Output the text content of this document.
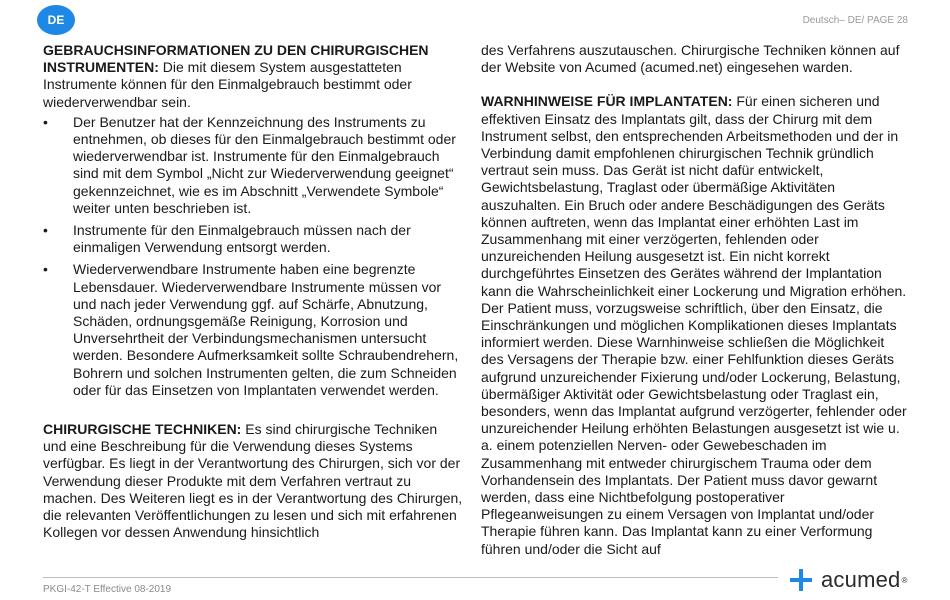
DE	Deutsch– DE/ PAGE 28

GEBRAUCHSINFORMATIONEN ZU DEN CHIRURGISCHEN INSTRUMENTEN: Die mit diesem System ausgestatteten Instrumente können für den Einmalgebrauch bestimmt oder wiederverwendbar sein.

• Der Benutzer hat der Kennzeichnung des Instruments zu entnehmen, ob dieses für den Einmalgebrauch bestimmt oder wiederverwendbar ist. Instrumente für den Einmalgebrauch sind mit dem Symbol „Nicht zur Wiederverwendung geeignet“ gekennzeichnet, wie es im Abschnitt „Verwendete Symbole“ weiter unten beschrieben ist.
• Instrumente für den Einmalgebrauch müssen nach der einmaligen Verwendung entsorgt werden.
• Wiederverwendbare Instrumente haben eine begrenzte Lebensdauer. Wiederverwendbare Instrumente müssen vor und nach jeder Verwendung ggf. auf Schärfe, Abnutzung, Schäden, ordnungsgemäße Reinigung, Korrosion und Unversehrtheit der Verbindungsmechanismen untersucht werden. Besondere Aufmerksamkeit sollte Schraubendrehern, Bohrern und solchen Instrumenten gelten, die zum Schneiden oder für das Einsetzen von Implantaten verwendet werden.

CHIRURGISCHE TECHNIKEN: Es sind chirurgische Techniken und eine Beschreibung für die Verwendung dieses Systems verfügbar. Es liegt in der Verantwortung des Chirurgen, sich vor der Verwendung dieser Produkte mit dem Verfahren vertraut zu machen. Des Weiteren liegt es in der Verantwortung des Chirurgen, die relevanten Veröffentlichungen zu lesen und sich mit erfahrenen Kollegen vor dessen Anwendung hinsichtlich

des Verfahrens auszutauschen. Chirurgische Techniken können auf der Website von Acumed (acumed.net) eingesehen warden.

WARNHINWEISE FÜR IMPLANTATEN: Für einen sicheren und effektiven Einsatz des Implantats gilt, dass der Chirurg mit dem Instrument selbst, den entsprechenden Arbeitsmethoden und der in Verbindung damit empfohlenen chirurgischen Technik gründlich vertraut sein muss. Das Gerät ist nicht dafür entwickelt, Gewichtsbelastung, Traglast oder übermäßige Aktivitäten auszuhalten. Ein Bruch oder andere Beschädigungen des Geräts können auftreten, wenn das Implantat einer erhöhten Last im Zusammenhang mit einer verzögerten, fehlenden oder unzureichenden Heilung ausgesetzt ist. Ein nicht korrekt durchgeführtes Einsetzen des Gerätes während der Implantation kann die Wahrscheinlichkeit einer Lockerung und Migration erhöhen. Der Patient muss, vorzugsweise schriftlich, über den Einsatz, die Einschränkungen und möglichen Komplikationen dieses Implantats informiert werden. Diese Warnhinweise schließen die Möglichkeit des Versagens der Therapie bzw. einer Fehlfunktion dieses Geräts aufgrund unzureichender Fixierung und/oder Lockerung, Belastung, übermäßiger Aktivität oder Gewichtsbelastung oder Traglast ein, besonders, wenn das Implantat aufgrund verzögerter, fehlender oder unzureichender Heilung erhöhten Belastungen ausgesetzt ist wie u. a. einem potenziellen Nerven- oder Gewebeschaden im Zusammenhang mit entweder chirurgischem Trauma oder dem Vorhandensein des Implantats. Der Patient muss davor gewarnt werden, dass eine Nichtbefolgung postoperativer Pflegeanweisungen zu einem Versagen von Implantat und/oder Therapie führen kann. Das Implantat kann zu einer Verformung führen und/oder die Sicht auf

PKGI-42-T Effective 08-2019	acumed ®
